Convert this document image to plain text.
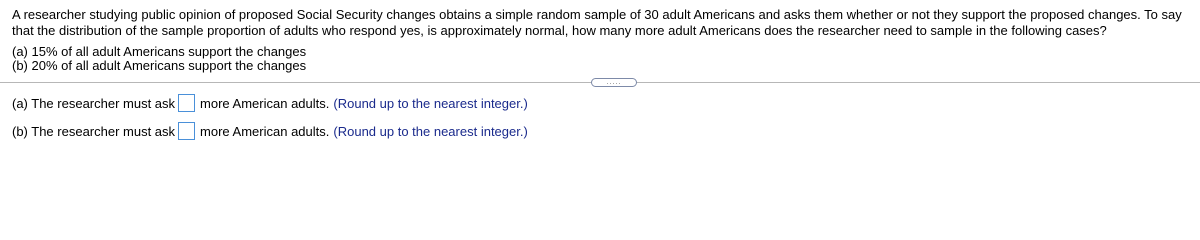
A researcher studying public opinion of proposed Social Security changes obtains a simple random sample of 30 adult Americans and asks them whether or not they support the proposed changes. To say that the distribution of the sample proportion of adults who respond yes, is approximately normal, how many more adult Americans does the researcher need to sample in the following cases?
(a) 15% of all adult Americans support the changes
(b) 20% of all adult Americans support the changes
.....
(a) The researcher must ask more American adults. (Round up to the nearest integer.)
(b) The researcher must ask more American adults. (Round up to the nearest integer.)
